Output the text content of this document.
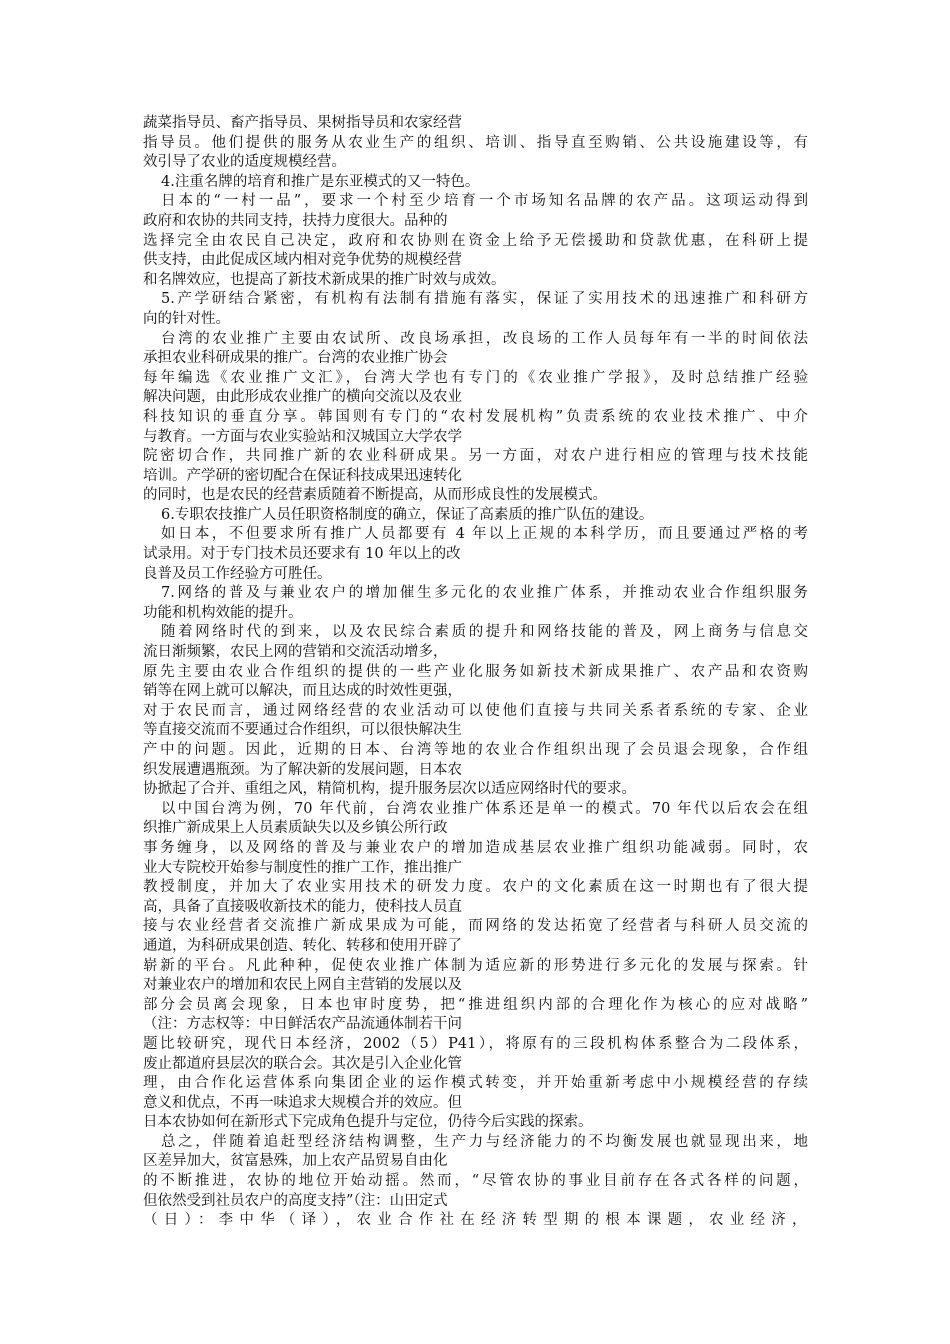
蔬菜指导员、畜产指导员、果树指导员和农家经营
指导员。他们提供的服务从农业生产的组织、培训、指导直至购销、公共设施建设等，有
效引导了农业的适度规模经营。
4.注重名牌的培育和推广是东亚模式的又一特色。
日本的“一村一品”，要求一个村至少培育一个市场知名品牌的农产品。这项运动得到
政府和农协的共同支持，扶持力度很大。品种的
选择完全由农民自己决定，政府和农协则在资金上给予无偿援助和贷款优惠，在科研上提
供支持，由此促成区域内相对竞争优势的规模经营
和名牌效应，也提高了新技术新成果的推广时效与成效。
5.产学研结合紧密，有机构有法制有措施有落实，保证了实用技术的迅速推广和科研方
向的针对性。
台湾的农业推广主要由农试所、改良场承担，改良场的工作人员每年有一半的时间依法
承担农业科研成果的推广。台湾的农业推广协会
每年编选《农业推广文汇》，台湾大学也有专门的《农业推广学报》，及时总结推广经验
解决问题，由此形成农业推广的横向交流以及农业
科技知识的垂直分享。韩国则有专门的“农村发展机构”负责系统的农业技术推广、中介
与教育。一方面与农业实验站和汉城国立大学农学
院密切合作，共同推广新的农业科研成果。另一方面，对农户进行相应的管理与技术技能
培训。产学研的密切配合在保证科技成果迅速转化
的同时，也是农民的经营素质随着不断提高，从而形成良性的发展模式。
6.专职农技推广人员任职资格制度的确立，保证了高素质的推广队伍的建设。
如日本，不但要求所有推广人员都要有 4 年以上正规的本科学历，而且要通过严格的考
试录用。对于专门技术员还要求有 10 年以上的改
良普及员工作经验方可胜任。
7.网络的普及与兼业农户的增加催生多元化的农业推广体系，并推动农业合作组织服务
功能和机构效能的提升。
随着网络时代的到来，以及农民综合素质的提升和网络技能的普及，网上商务与信息交
流日渐频繁，农民上网的营销和交流活动增多，
原先主要由农业合作组织的提供的一些产业化服务如新技术新成果推广、农产品和农资购
销等在网上就可以解决，而且达成的时效性更强，
对于农民而言，通过网络经营的农业活动可以使他们直接与共同关系者系统的专家、企业
等直接交流而不要通过合作组织，可以很快解决生
产中的问题。因此，近期的日本、台湾等地的农业合作组织出现了会员退会现象，合作组
织发展遭遇瓶颈。为了解决新的发展问题，日本农
协掀起了合并、重组之风，精简机构，提升服务层次以适应网络时代的要求。
以中国台湾为例，70 年代前，台湾农业推广体系还是单一的模式。70 年代以后农会在组
织推广新成果上人员素质缺失以及乡镇公所行政
事务缠身，以及网络的普及与兼业农户的增加造成基层农业推广组织功能减弱。同时，农
业大专院校开始参与制度性的推广工作，推出推广
教授制度，并加大了农业实用技术的研发力度。农户的文化素质在这一时期也有了很大提
高，具备了直接吸收新技术的能力，使科技人员直
接与农业经营者交流推广新成果成为可能，而网络的发达拓宽了经营者与科研人员交流的
通道，为科研成果创造、转化、转移和使用开辟了
崭新的平台。凡此种种，促使农业推广体制为适应新的形势进行多元化的发展与探索。针
对兼业农户的增加和农民上网自主营销的发展以及
部分会员离会现象，日本也审时度势，把“推进组织内部的合理化作为核心的应对战略”
（注：方志权等：中日鲜活农产品流通体制若干问
题比较研究，现代日本经济，2002（5）P41），将原有的三段机构体系整合为二段体系，
废止都道府县层次的联合会。其次是引入企业化管
理，由合作化运营体系向集团企业的运作模式转变，并开始重新考虑中小规模经营的存续
意义和优点，不再一味追求大规模合并的效应。但
日本农协如何在新形式下完成角色提升与定位，仍待今后实践的探索。
总之，伴随着追赶型经济结构调整，生产力与经济能力的不均衡发展也就显现出来，地
区差异加大，贫富悬殊，加上农产品贸易自由化
的不断推进，农协的地位开始动摇。然而，“尽管农协的事业目前存在各式各样的问题，
但依然受到社员农户的高度支持”（注：山田定式
（日）：李中华（译），农业合作社在经济转型期的根本课题，农业经济，
